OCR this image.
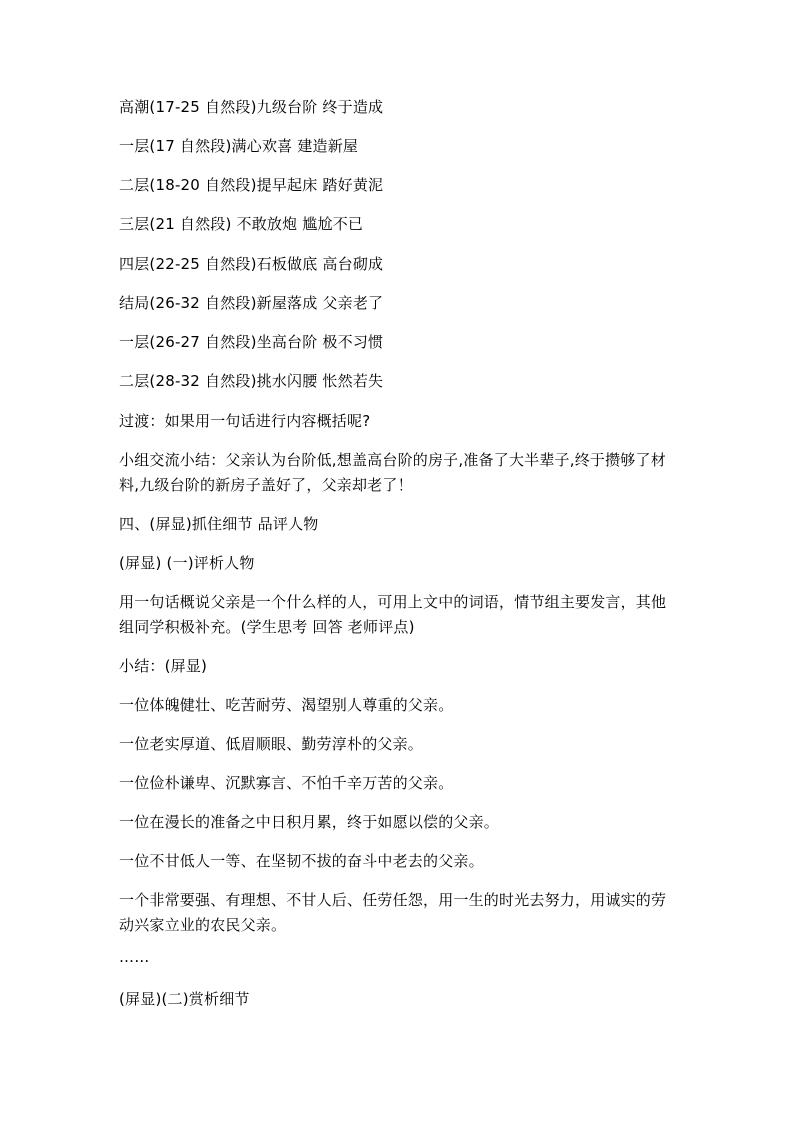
高潮(17-25 自然段)九级台阶 终于造成
一层(17 自然段)满心欢喜 建造新屋
二层(18-20 自然段)提早起床 踏好黄泥
三层(21 自然段) 不敢放炮 尴尬不已
四层(22-25 自然段)石板做底 高台砌成
结局(26-32 自然段)新屋落成 父亲老了
一层(26-27 自然段)坐高台阶 极不习惯
二层(28-32 自然段)挑水闪腰 怅然若失
过渡：如果用一句话进行内容概括呢?
小组交流小结：父亲认为台阶低,想盖高台阶的房子,准备了大半辈子,终于攒够了材料,九级台阶的新房子盖好了，父亲却老了！
四、(屏显)抓住细节 品评人物
(屏显) (一)评析人物
用一句话概说父亲是一个什么样的人，可用上文中的词语，情节组主要发言，其他组同学积极补充。(学生思考 回答 老师评点)
小结：(屏显)
一位体魄健壮、吃苦耐劳、渴望别人尊重的父亲。
一位老实厚道、低眉顺眼、勤劳淳朴的父亲。
一位俭朴谦卑、沉默寡言、不怕千辛万苦的父亲。
一位在漫长的准备之中日积月累，终于如愿以偿的父亲。
一位不甘低人一等、在坚韧不拔的奋斗中老去的父亲。
一个非常要强、有理想、不甘人后、任劳任怨，用一生的时光去努力，用诚实的劳动兴家立业的农民父亲。
……
(屏显)(二)赏析细节
